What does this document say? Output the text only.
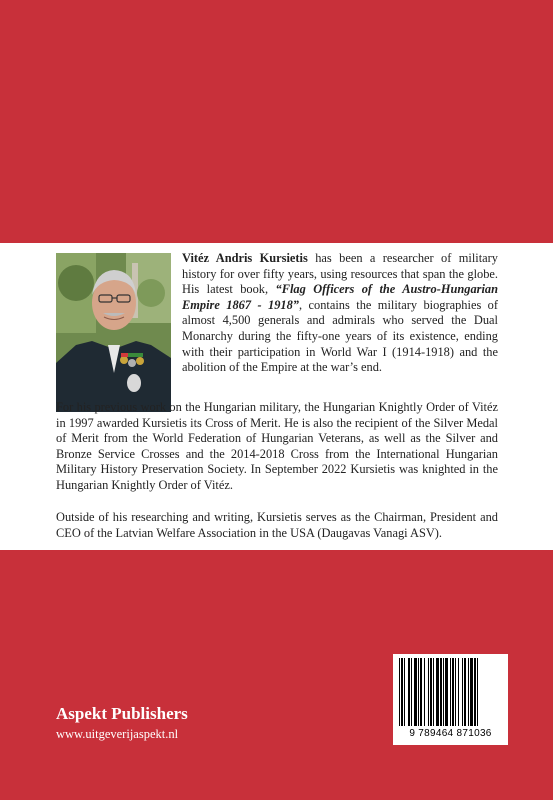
Vitéz Andris Kursietis has been a researcher of military history for over fifty years, using resources that span the globe. His latest book, “Flag Officers of the Austro-Hungarian Empire 1867 - 1918”, contains the military biographies of almost 4,500 generals and admirals who served the Dual Monarchy during the fifty-one years of its existence, ending with their participation in World War I (1914-1918) and the abolition of the Empire at the war’s end.

For his previous work on the Hungarian military, the Hungarian Knightly Order of Vitéz in 1997 awarded Kursietis its Cross of Merit. He is also the recipient of the Silver Medal of Merit from the World Federation of Hungarian Veterans, as well as the Silver and Bronze Service Crosses and the 2014-2018 Cross from the International Hungarian Military History Preservation Society. In September 2022 Kursietis was knighted in the Hungarian Knightly Order of Vitéz.

Outside of his researching and writing, Kursietis serves as the Chairman, President and CEO of the Latvian Welfare Association in the USA (Daugavas Vanagi ASV).

Aspekt Publishers
www.uitgeverijaspekt.nl	9 789464 871036
